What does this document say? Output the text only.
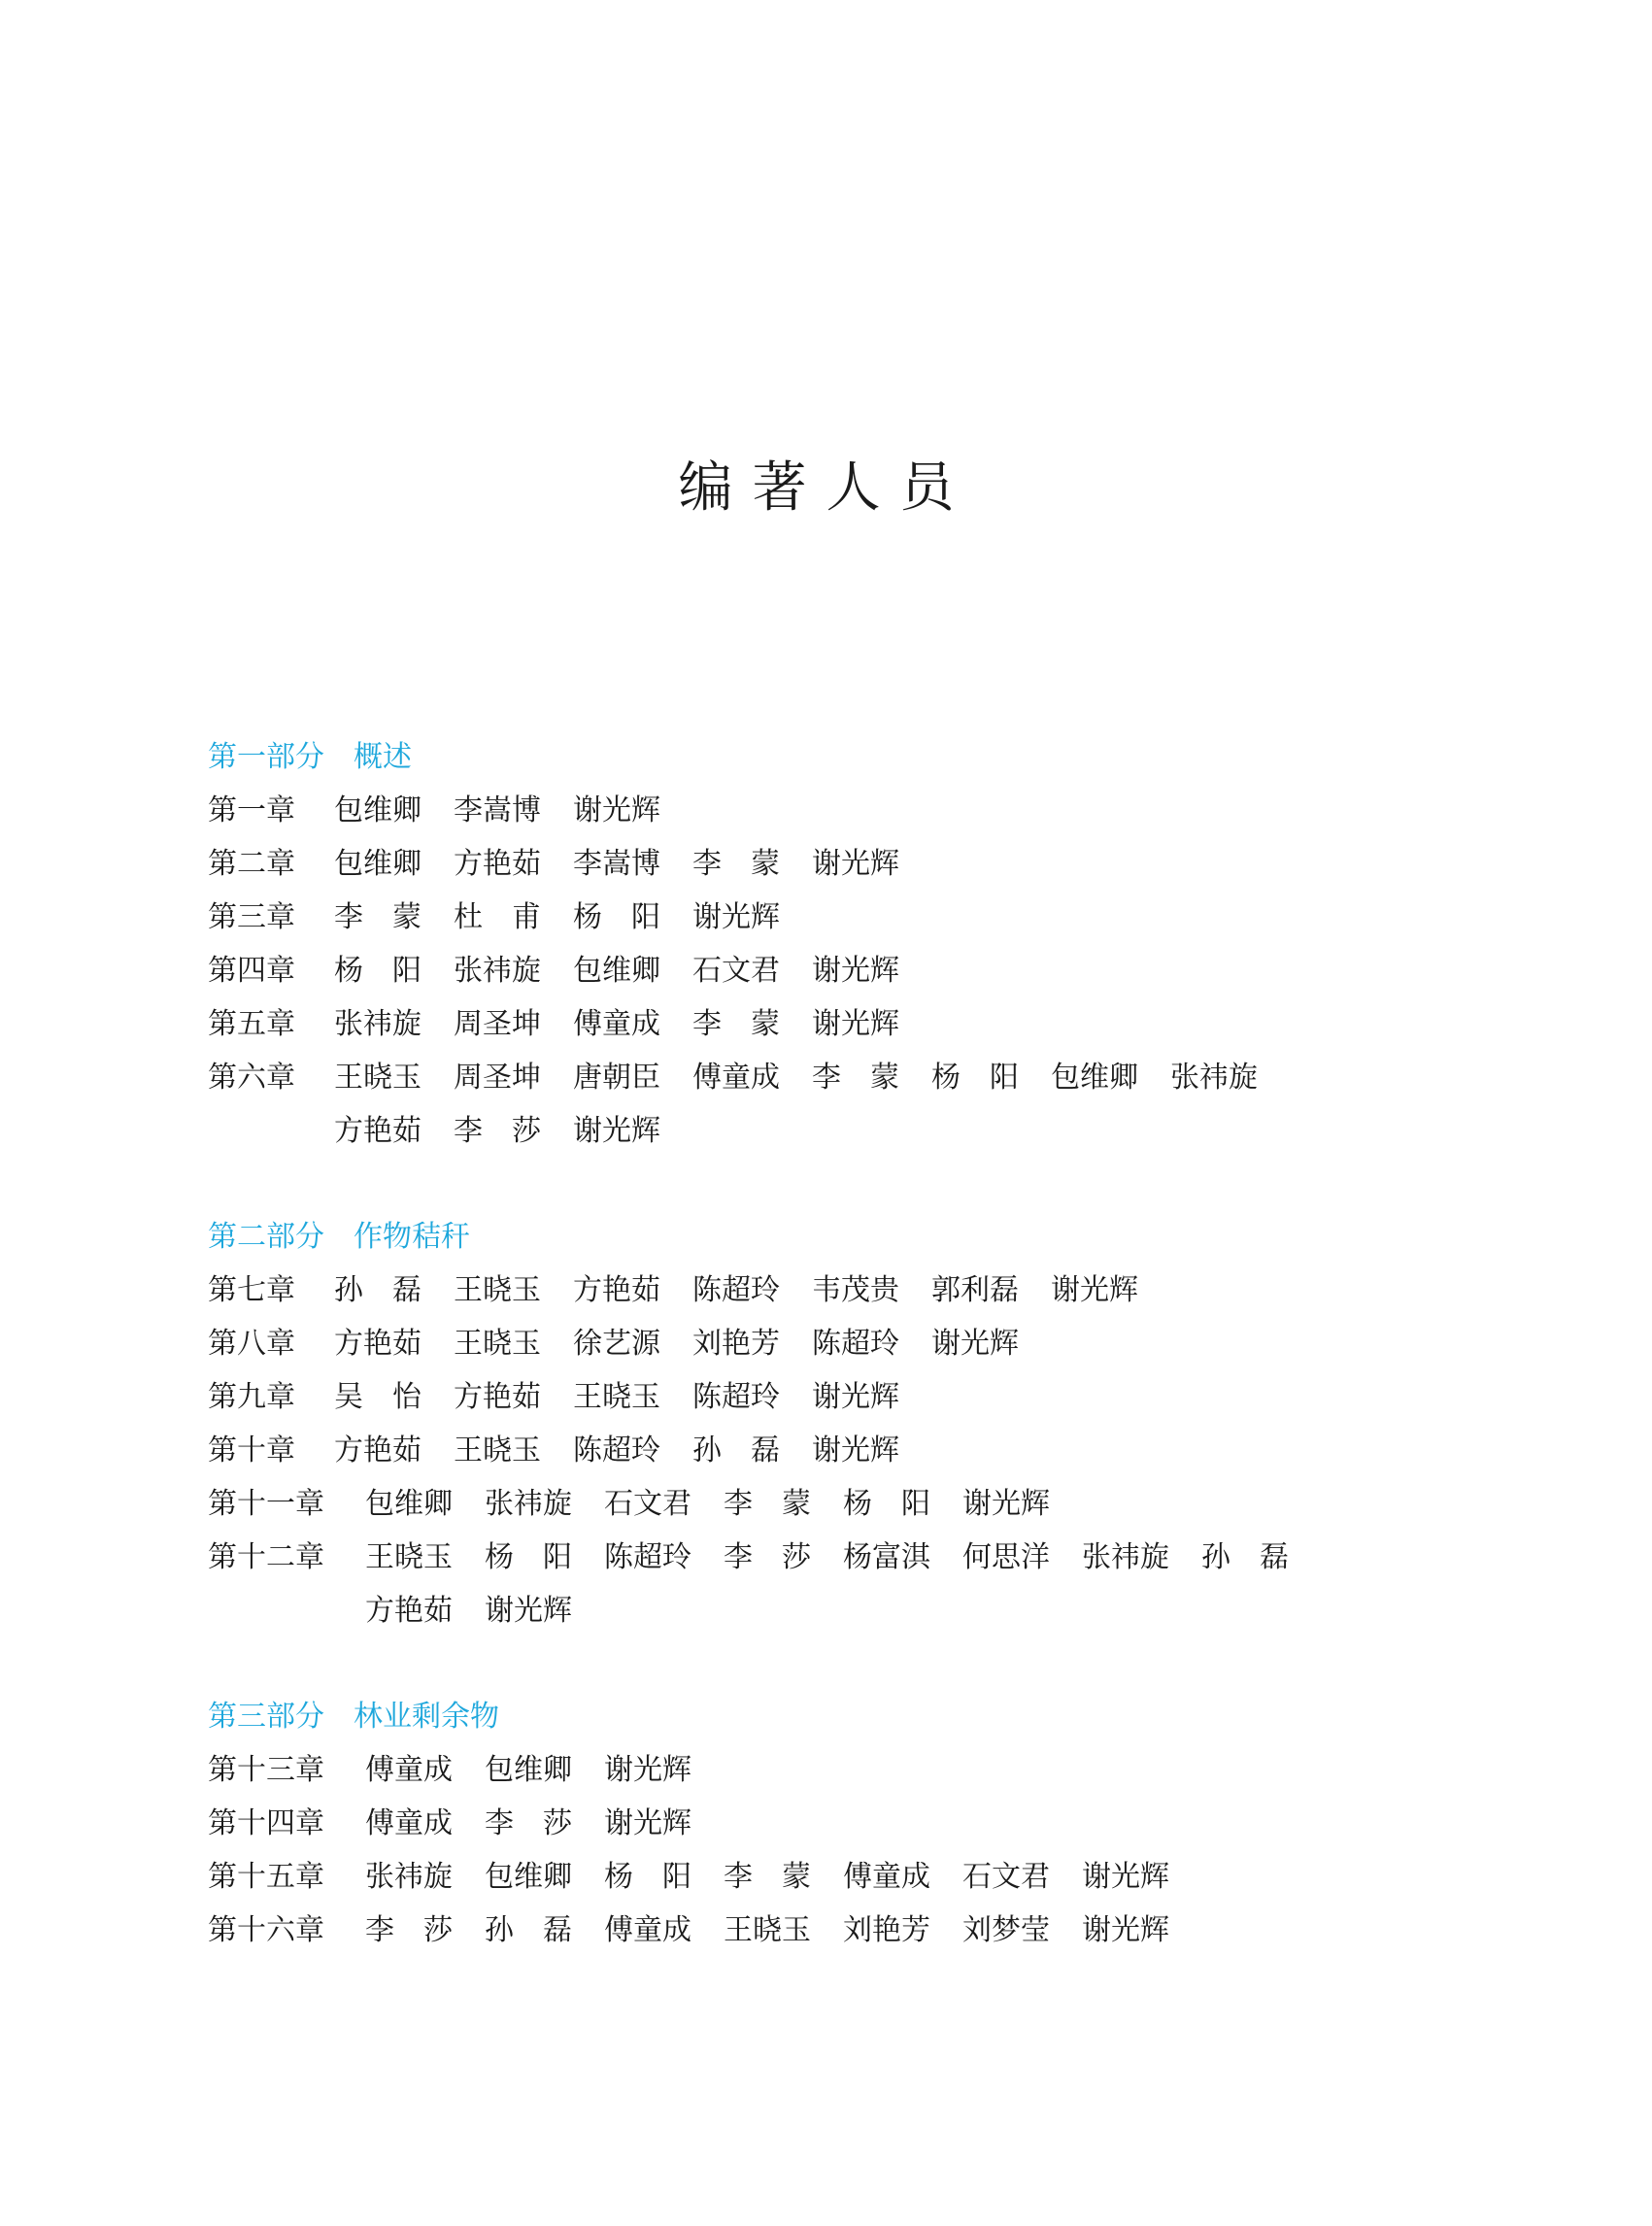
编著人员
第一部分　概述
第一章	包维卿 李嵩博 谢光辉
第二章	包维卿 方艳茹 李嵩博 李　蒙 谢光辉
第三章	李　蒙 杜　甫 杨　阳 谢光辉
第四章	杨　阳 张祎旋 包维卿 石文君 谢光辉
第五章	张祎旋 周圣坤 傅童成 李　蒙 谢光辉
第六章	王晓玉 周圣坤 唐朝臣 傅童成 李　蒙 杨　阳 包维卿 张祎旋
方艳茹 李　莎 谢光辉
第二部分　作物秸秆
第七章	孙　磊 王晓玉 方艳茹 陈超玲 韦茂贵 郭利磊 谢光辉
第八章	方艳茹 王晓玉 徐艺源 刘艳芳 陈超玲 谢光辉
第九章	吴　怡 方艳茹 王晓玉 陈超玲 谢光辉
第十章	方艳茹 王晓玉 陈超玲 孙　磊 谢光辉
第十一章	包维卿 张祎旋 石文君 李　蒙 杨　阳 谢光辉
第十二章	王晓玉 杨　阳 陈超玲 李　莎 杨富淇 何思洋 张祎旋 孙　磊
方艳茹 谢光辉
第三部分　林业剩余物
第十三章	傅童成 包维卿 谢光辉
第十四章	傅童成 李　莎 谢光辉
第十五章	张祎旋 包维卿 杨　阳 李　蒙 傅童成 石文君 谢光辉
第十六章	李　莎 孙　磊 傅童成 王晓玉 刘艳芳 刘梦莹 谢光辉
